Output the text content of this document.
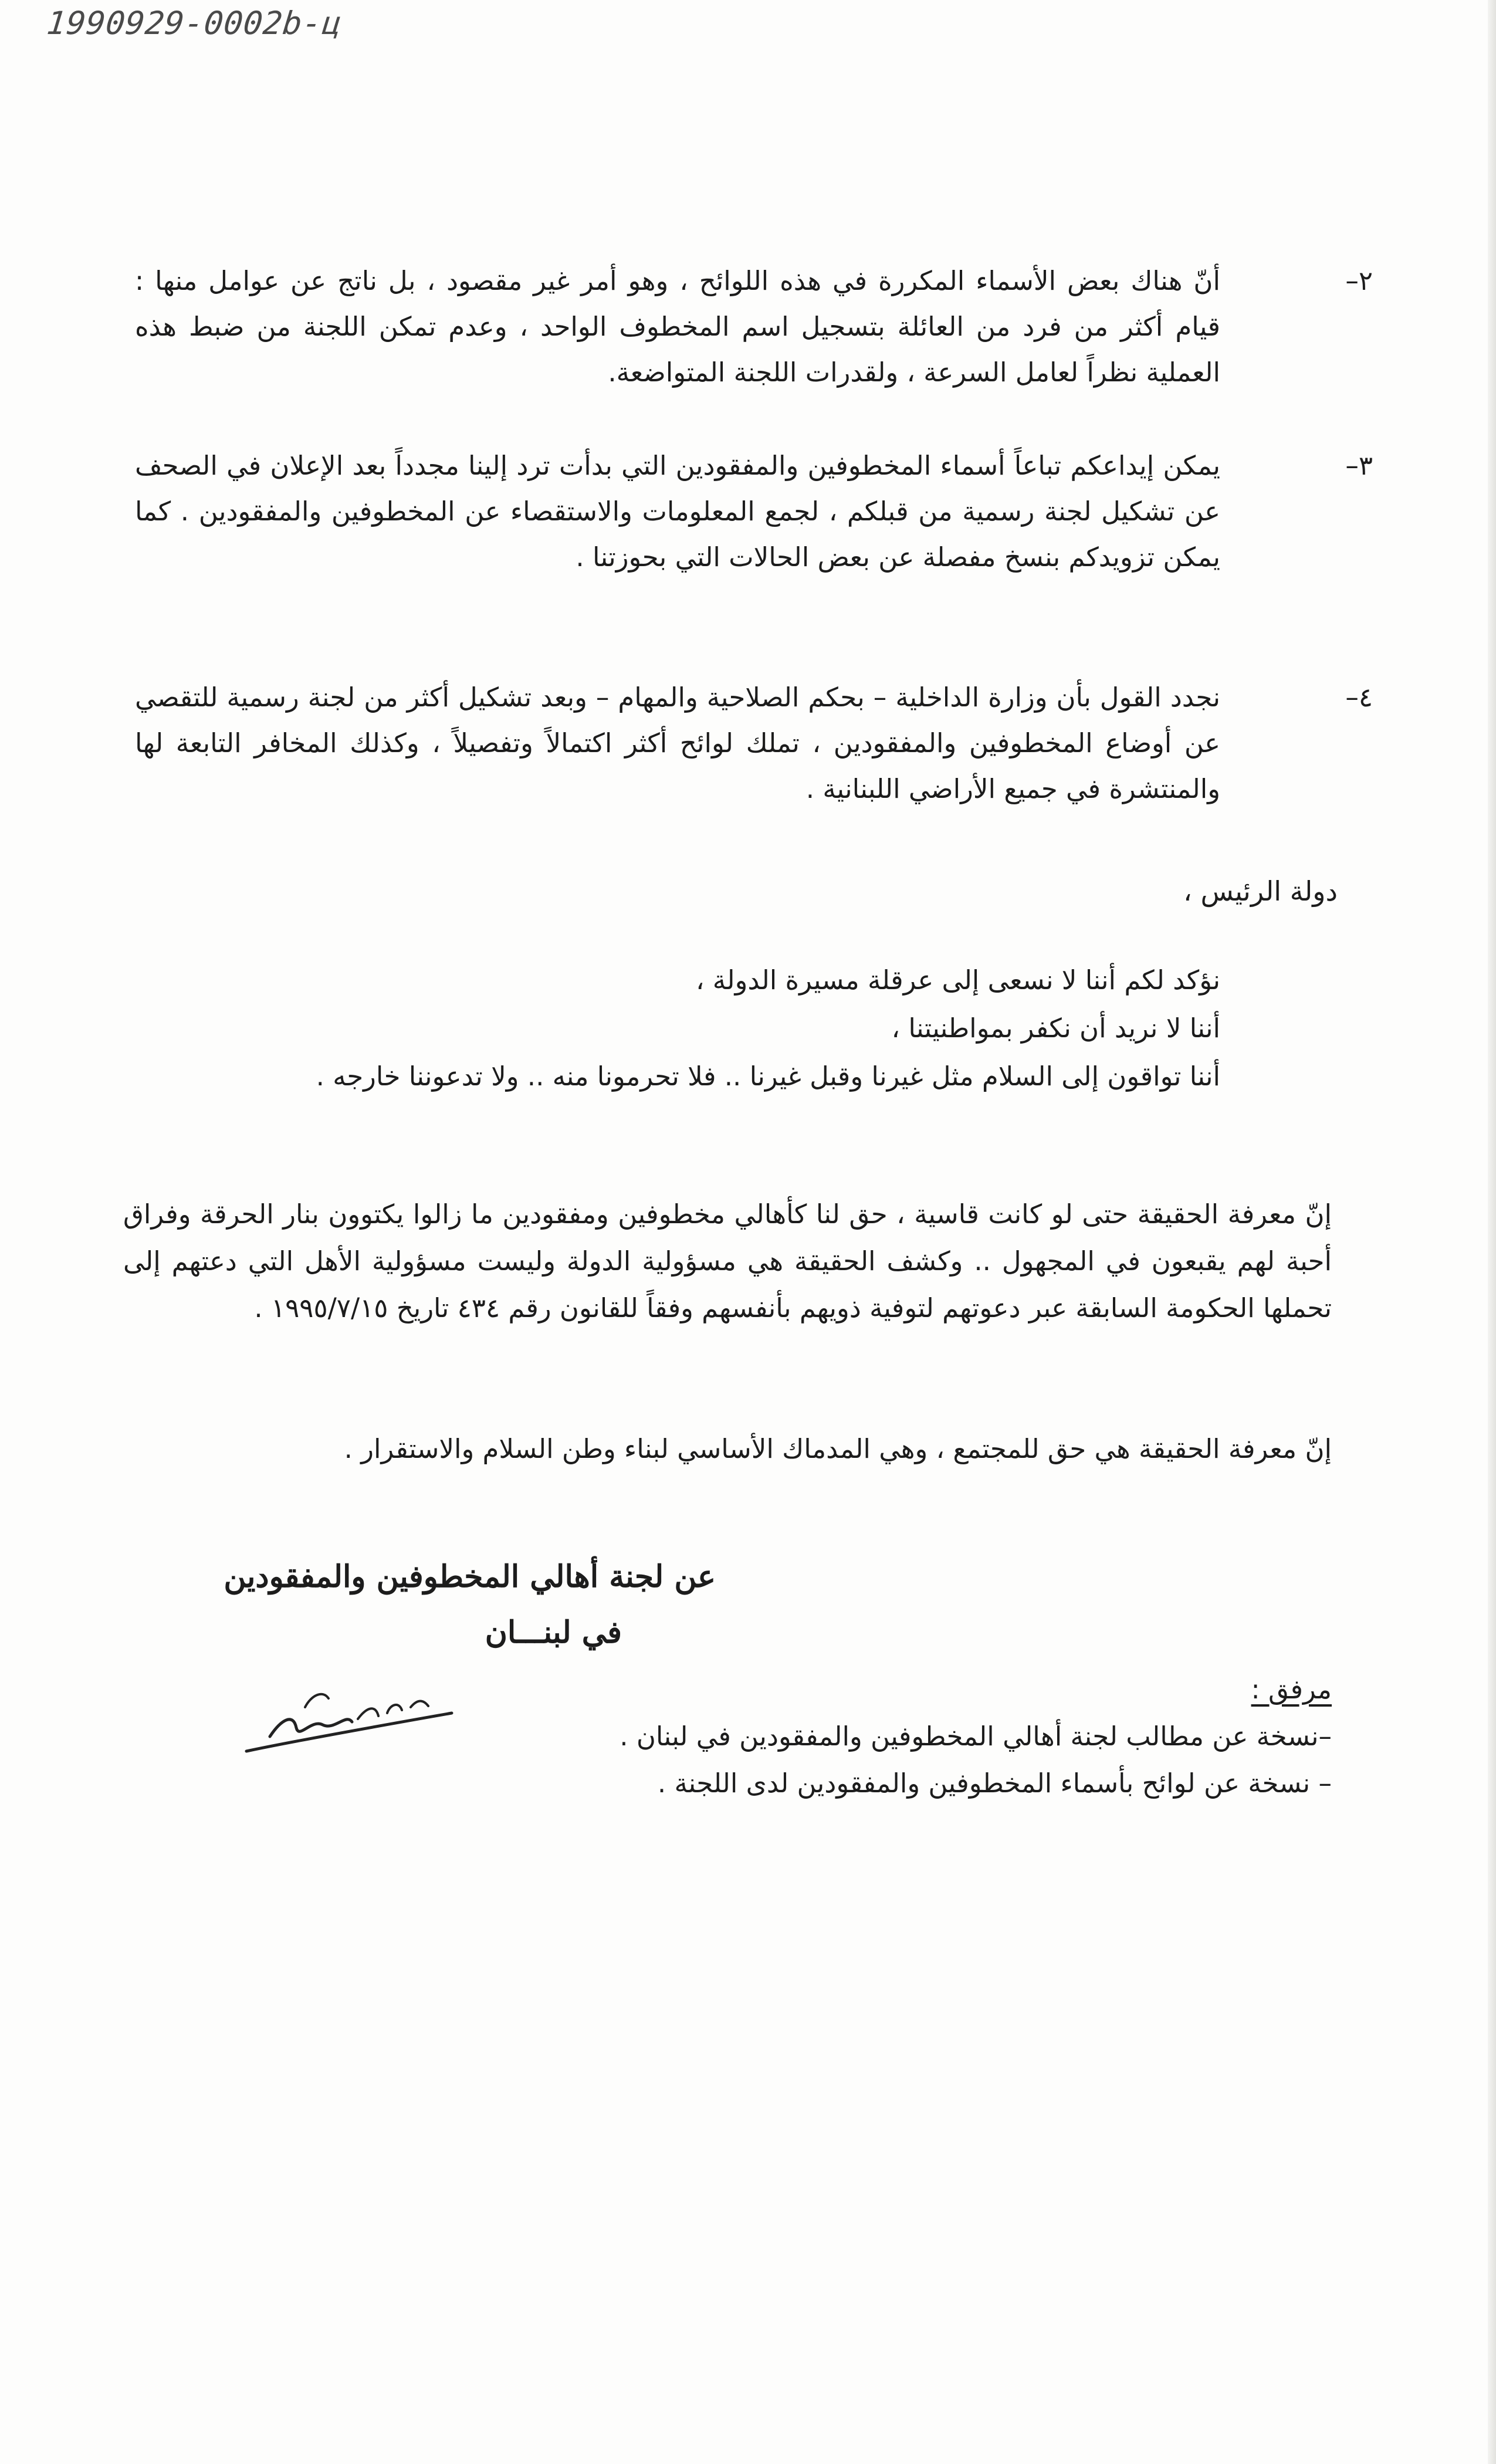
1990929-0002b-ц
٢–
أنّ هناك بعض الأسماء المكررة في هذه اللوائح ، وهو أمر غير مقصود ، بل ناتج عن عوامل منها : قيام أكثر من فرد من العائلة بتسجيل اسم المخطوف الواحد ، وعدم تمكن اللجنة من ضبط هذه العملية نظراً لعامل السرعة ، ولقدرات اللجنة المتواضعة.
٣–
يمكن إيداعكم تباعاً أسماء المخطوفين والمفقودين التي بدأت ترد إلينا مجدداً بعد الإعلان في الصحف عن تشكيل لجنة رسمية من قبلكم ، لجمع المعلومات والاستقصاء عن المخطوفين والمفقودين . كما يمكن تزويدكم بنسخ مفصلة عن بعض الحالات التي بحوزتنا .
٤–
نجدد القول بأن وزارة الداخلية – بحكم الصلاحية والمهام – وبعد تشكيل أكثر من لجنة رسمية للتقصي عن أوضاع المخطوفين والمفقودين ، تملك لوائح أكثر اكتمالاً وتفصيلاً ، وكذلك المخافر التابعة لها والمنتشرة في جميع الأراضي اللبنانية .
دولة الرئيس ،
نؤكد لكم أننا لا نسعى إلى عرقلة مسيرة الدولة ،
أننا لا نريد أن نكفر بمواطنيتنا ،
أننا تواقون إلى السلام مثل غيرنا وقبل غيرنا .. فلا تحرمونا منه .. ولا تدعوننا خارجه .
إنّ معرفة الحقيقة حتى لو كانت قاسية ، حق لنا كأهالي مخطوفين ومفقودين ما زالوا يكتوون بنار الحرقة وفراق أحبة لهم يقبعون في المجهول .. وكشف الحقيقة هي مسؤولية الدولة وليست مسؤولية الأهل التي دعتهم إلى تحملها الحكومة السابقة عبر دعوتهم لتوفية ذويهم بأنفسهم وفقاً للقانون رقم ٤٣٤ تاريخ ١٩٩٥/٧/١٥ .
إنّ معرفة الحقيقة هي حق للمجتمع ، وهي المدماك الأساسي لبناء وطن السلام والاستقرار .
عن لجنة أهالي المخطوفين والمفقودين
في لبنـــان
مرفق :
–نسخة عن مطالب لجنة أهالي المخطوفين والمفقودين في لبنان .
– نسخة عن لوائح بأسماء المخطوفين والمفقودين لدى اللجنة .
